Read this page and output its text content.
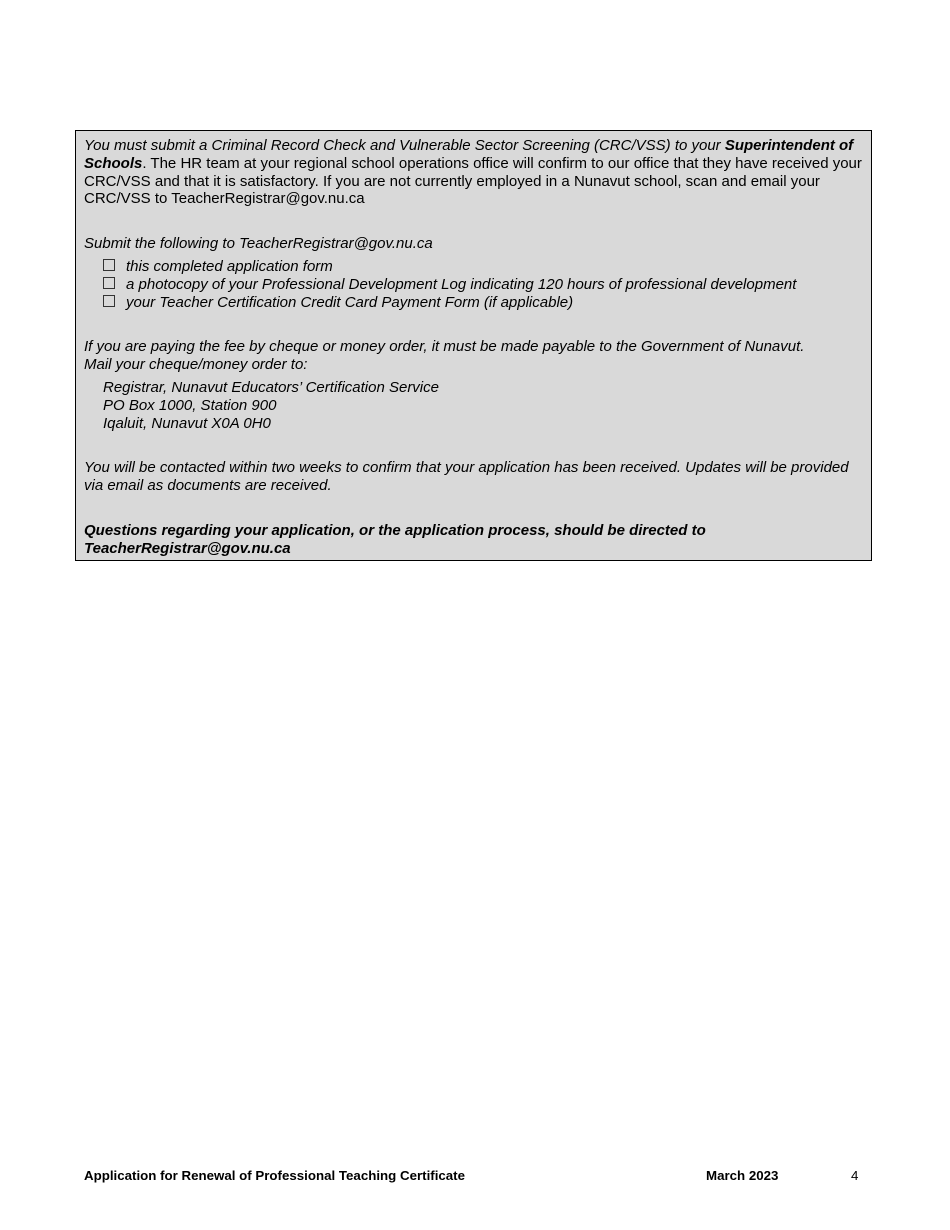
You must submit a Criminal Record Check and Vulnerable Sector Screening (CRC/VSS) to your Superintendent of Schools. The HR team at your regional school operations office will confirm to our office that they have received your CRC/VSS and that it is satisfactory. If you are not currently employed in a Nunavut school, scan and email your CRC/VSS to TeacherRegistrar@gov.nu.ca

Submit the following to TeacherRegistrar@gov.nu.ca

this completed application form
a photocopy of your Professional Development Log indicating 120 hours of professional development
your Teacher Certification Credit Card Payment Form (if applicable)

If you are paying the fee by cheque or money order, it must be made payable to the Government of Nunavut.

Mail your cheque/money order to:

Registrar, Nunavut Educators’ Certification Service
PO Box 1000, Station 900
Iqaluit, Nunavut X0A 0H0

You will be contacted within two weeks to confirm that your application has been received. Updates will be provided via email as documents are received.

Questions regarding your application, or the application process, should be directed to TeacherRegistrar@gov.nu.ca

Application for Renewal of Professional Teaching Certificate	March 2023	4
